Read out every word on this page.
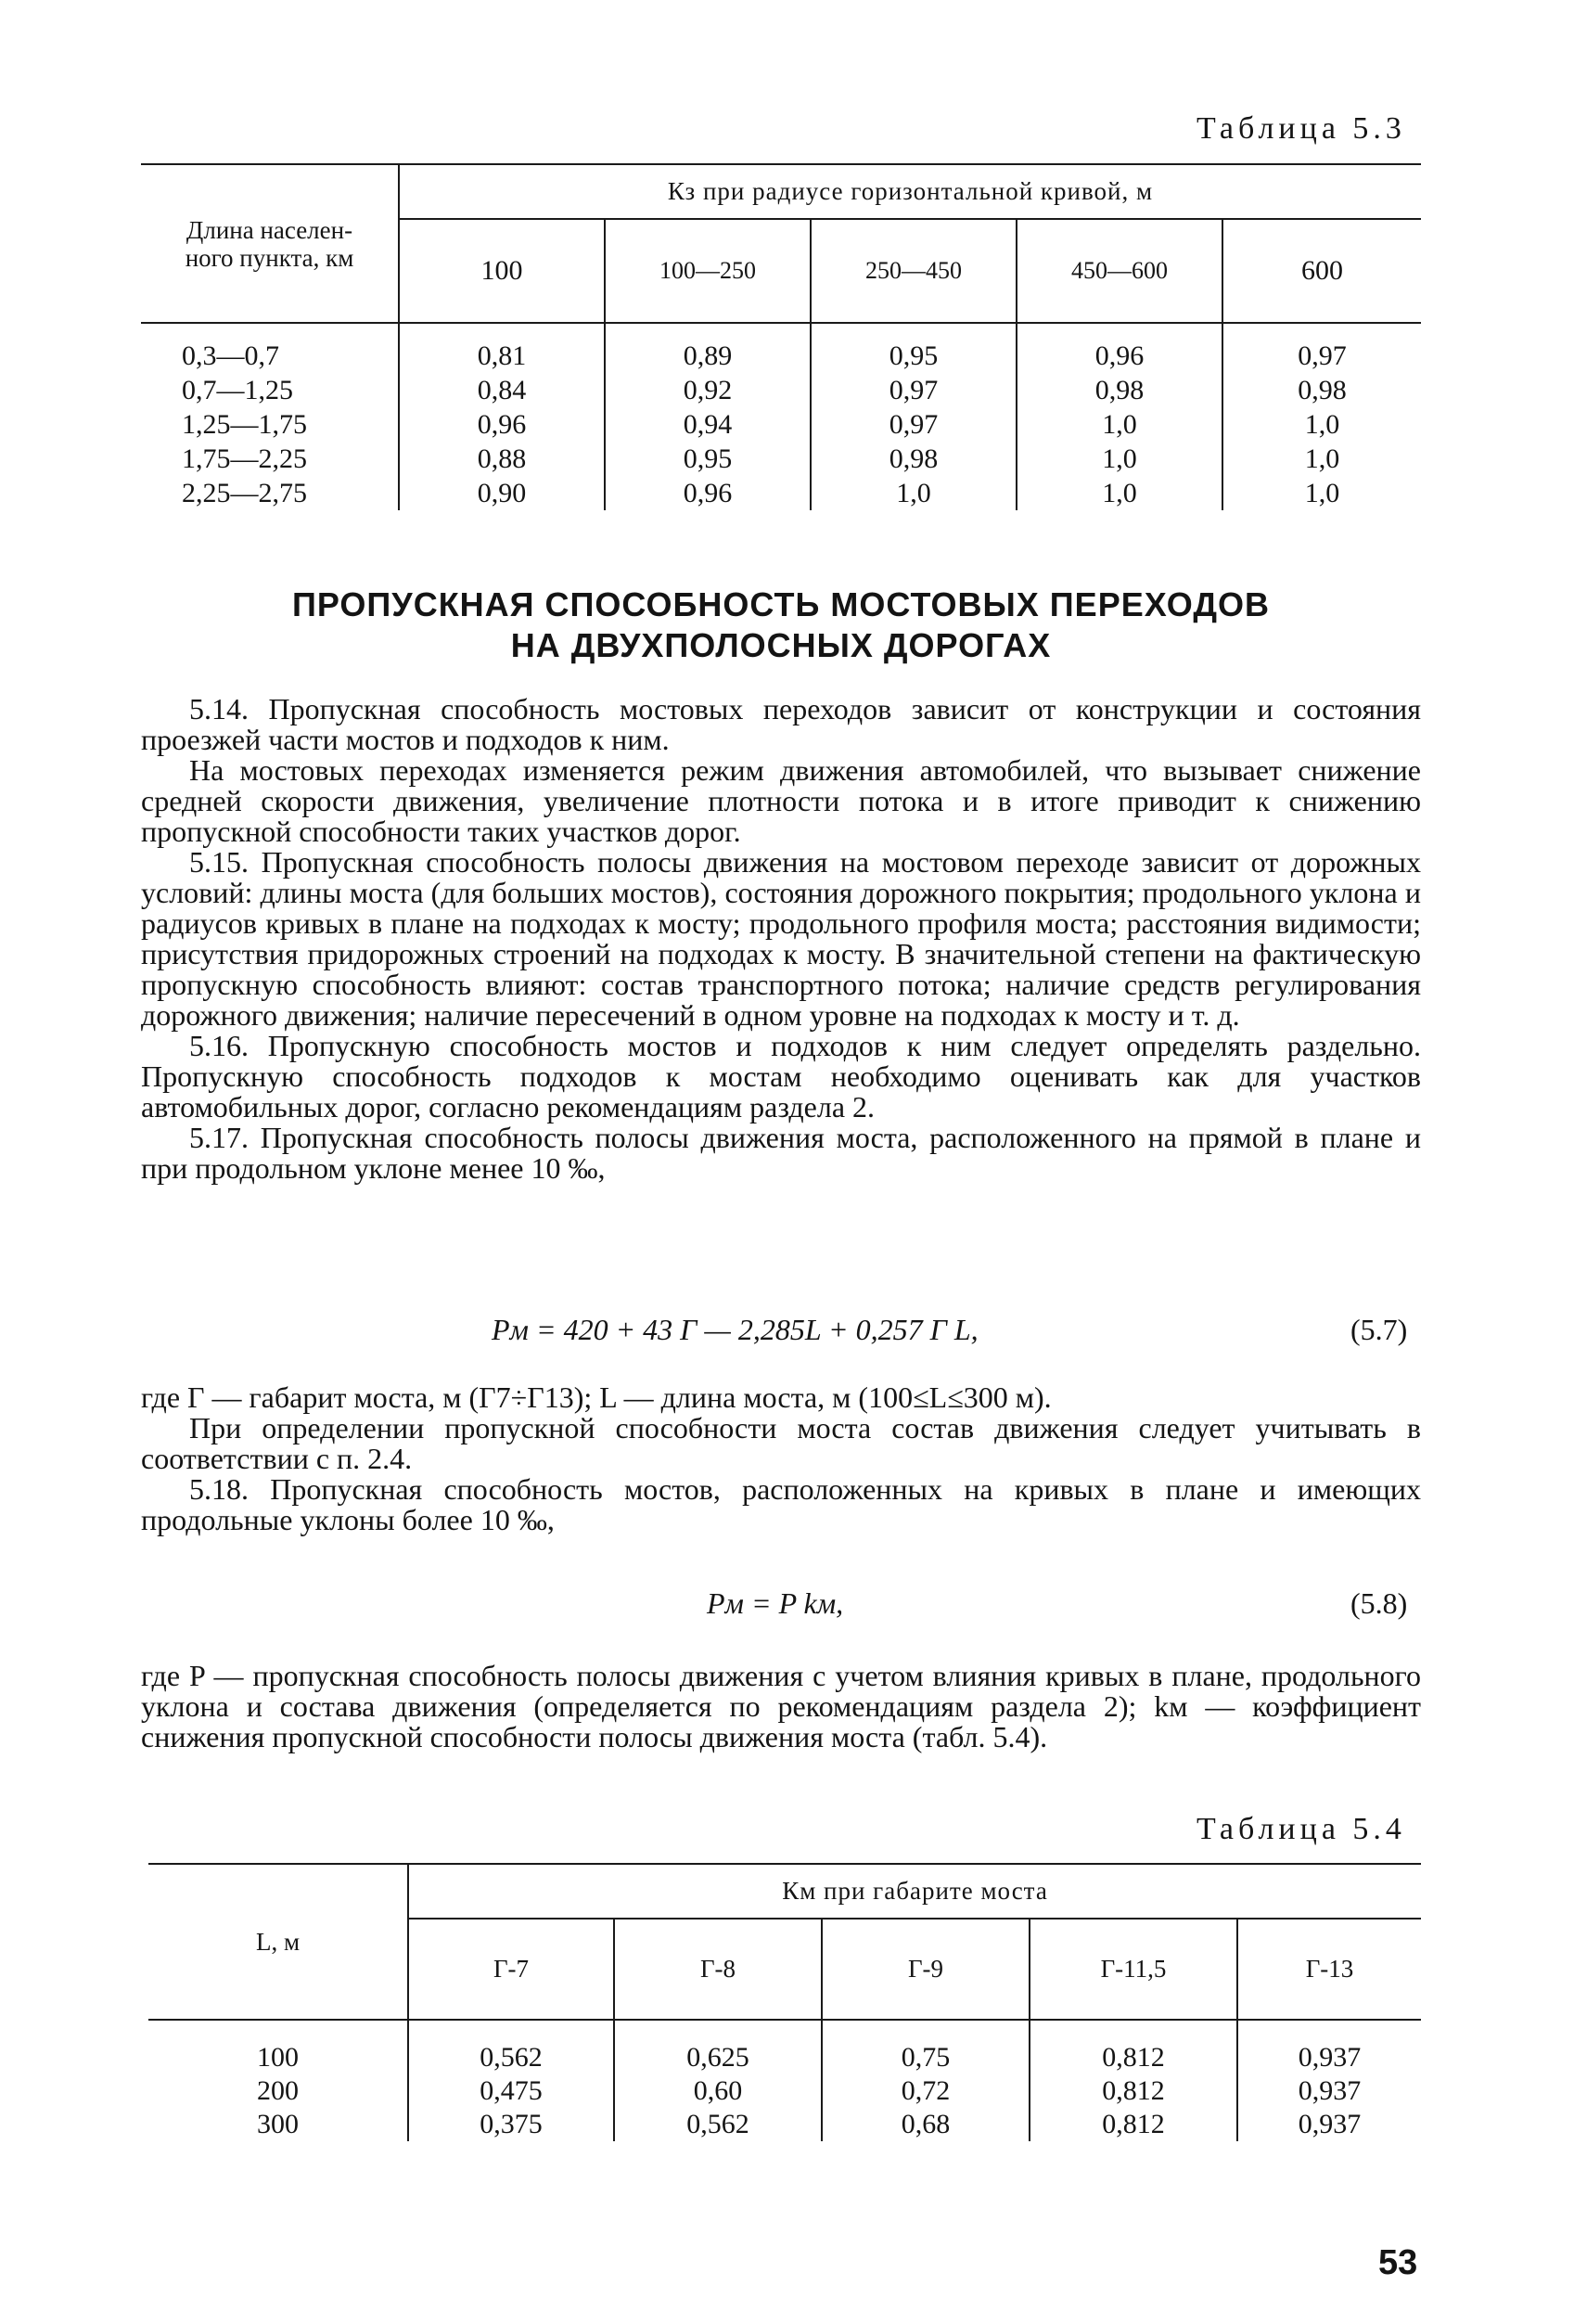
Таблица 5.3
Длина населен-
ного пункта, км	Кз при радиусе горизонтальной кривой, м				
	100	100—250	250—450	450—600	600

0,3—0,7	0,81	0,89	0,95	0,96	0,97
0,7—1,25	0,84	0,92	0,97	0,98	0,98
1,25—1,75	0,96	0,94	0,97	1,0	1,0
1,75—2,25	0,88	0,95	0,98	1,0	1,0
2,25—2,75	0,90	0,96	1,0	1,0	1,0
ПРОПУСКНАЯ СПОСОБНОСТЬ МОСТОВЫХ ПЕРЕХОДОВ
НА ДВУХПОЛОСНЫХ ДОРОГАХ

5.14. Пропускная способность мостовых переходов зависит от конструкции и состояния проезжей части мостов и подходов к ним.

На мостовых переходах изменяется режим движения автомобилей, что вызывает снижение средней скорости движения, увеличение плотности потока и в итоге приводит к снижению пропускной способности таких участков дорог.

5.15. Пропускная способность полосы движения на мостовом переходе зависит от дорожных условий: длины моста (для больших мостов), состояния дорожного покрытия; продольного уклона и радиусов кривых в плане на подходах к мосту; продольного профиля моста; расстояния видимости; присутствия придорожных строений на подходах к мосту. В значительной степени на фактическую пропускную способность влияют: состав транспортного потока; наличие средств регулирования дорожного движения; наличие пересечений в одном уровне на подходах к мосту и т. д.

5.16. Пропускную способность мостов и подходов к ним следует определять раздельно. Пропускную способность подходов к мостам необходимо оценивать как для участков автомобильных дорог, согласно рекомендациям раздела 2.

5.17. Пропускная способность полосы движения моста, расположенного на прямой в плане и при продольном уклоне менее 10 ‰,

Pм = 420 + 43 Г — 2,285L + 0,257 Г L,	(5.7)

где Г — габарит моста, м (Г7÷Г13); L — длина моста, м (100≤L≤300 м).

При определении пропускной способности моста состав движения следует учитывать в соответствии с п. 2.4.

5.18. Пропускная способность мостов, расположенных на кривых в плане и имеющих продольные уклоны более 10 ‰,

Pм = P kм,	(5.8)

где P — пропускная способность полосы движения с учетом влияния кривых в плане, продольного уклона и состава движения (определяется по рекомендациям раздела 2); kм — коэффициент снижения пропускной способности полосы движения моста (табл. 5.4).

Таблица 5.4
L, м	Км при габарите моста				
	Г-7	Г-8	Г-9	Г-11,5	Г-13

100	0,562	0,625	0,75	0,812	0,937
200	0,475	0,60	0,72	0,812	0,937
300	0,375	0,562	0,68	0,812	0,937
53
